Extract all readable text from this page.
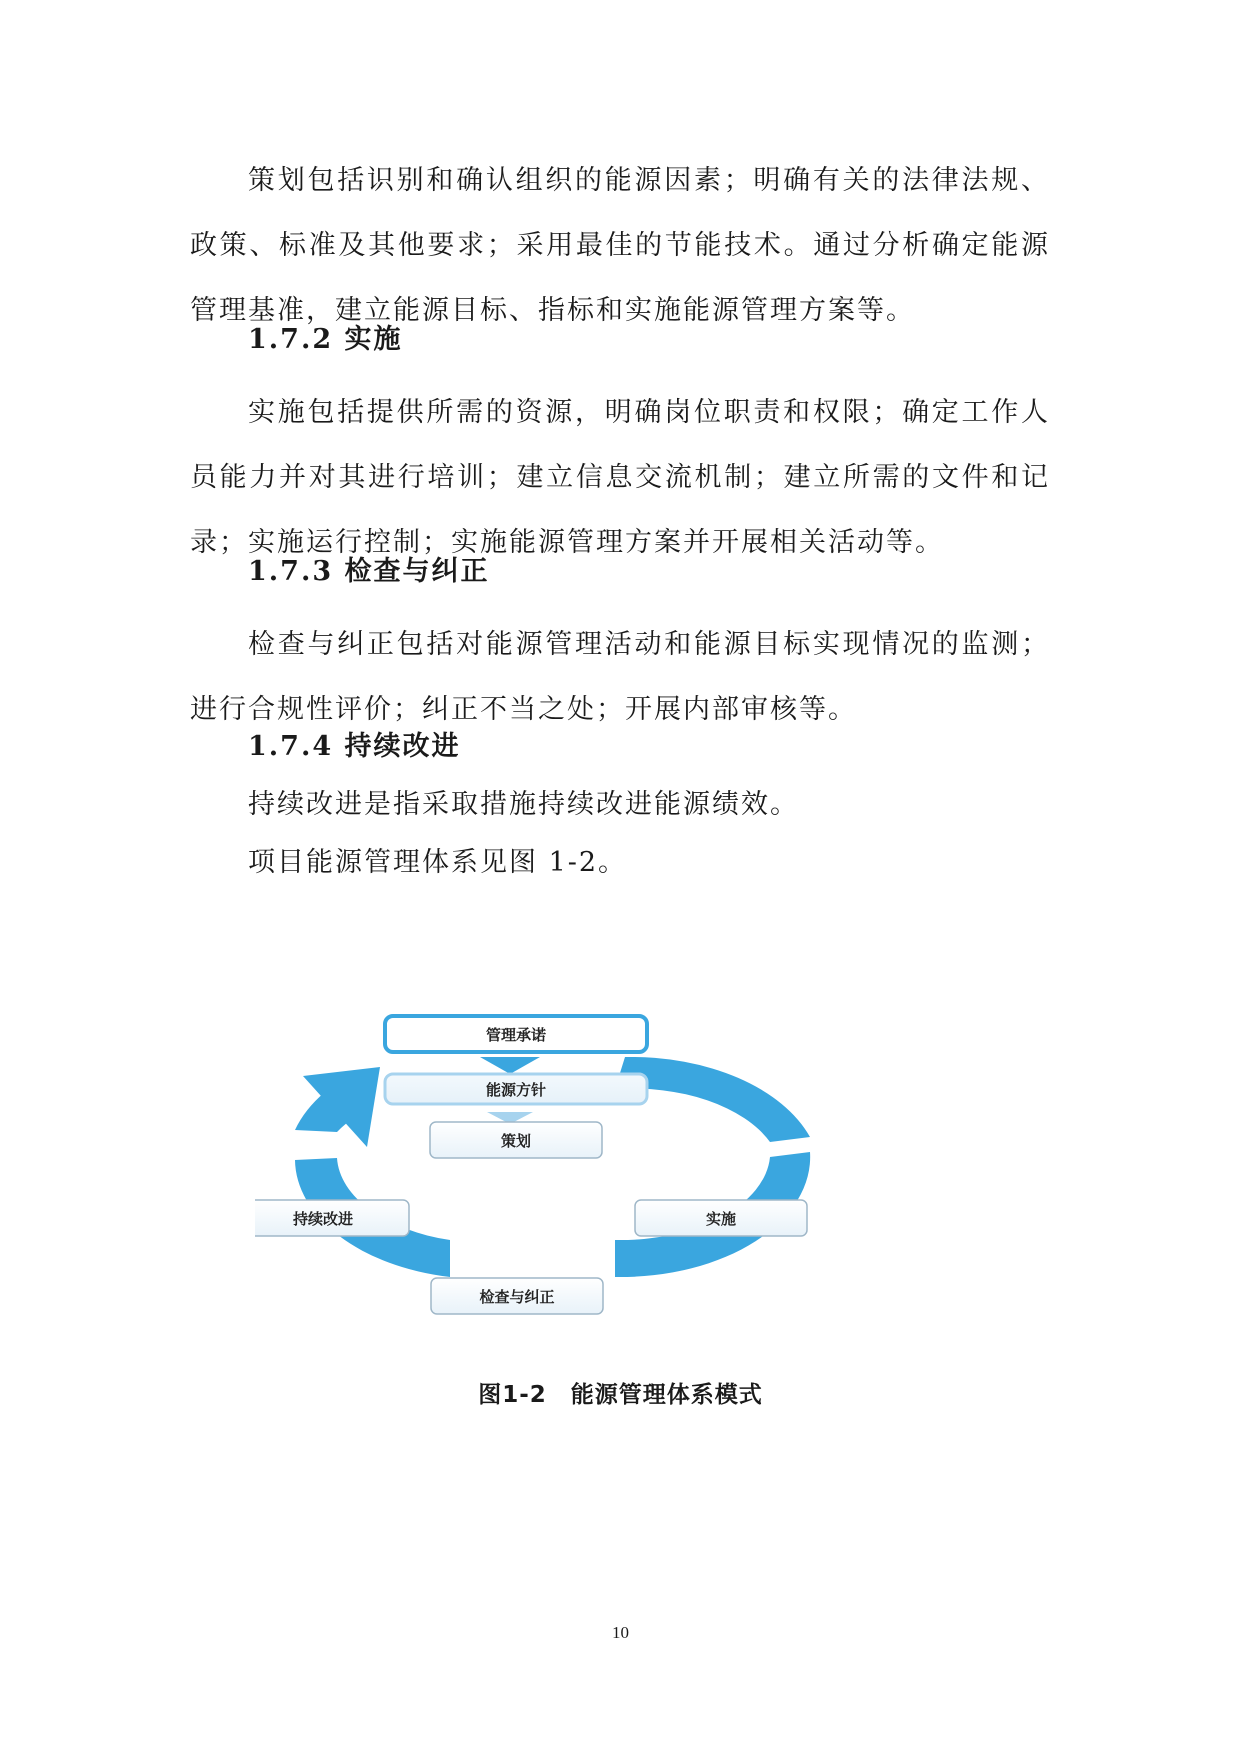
策划包括识别和确认组织的能源因素；明确有关的法律法规、政策、标准及其他要求；采用最佳的节能技术。通过分析确定能源管理基准，建立能源目标、指标和实施能源管理方案等。

1.7.2 实施

实施包括提供所需的资源，明确岗位职责和权限；确定工作人员能力并对其进行培训；建立信息交流机制；建立所需的文件和记录；实施运行控制；实施能源管理方案并开展相关活动等。

1.7.3 检查与纠正

检查与纠正包括对能源管理活动和能源目标实现情况的监测；进行合规性评价；纠正不当之处；开展内部审核等。

1.7.4 持续改进

持续改进是指采取措施持续改进能源绩效。

项目能源管理体系见图 1-2。

管理承诺
能源方针
策划
持续改进	实施
检查与纠正
图1-2　能源管理体系模式
10
